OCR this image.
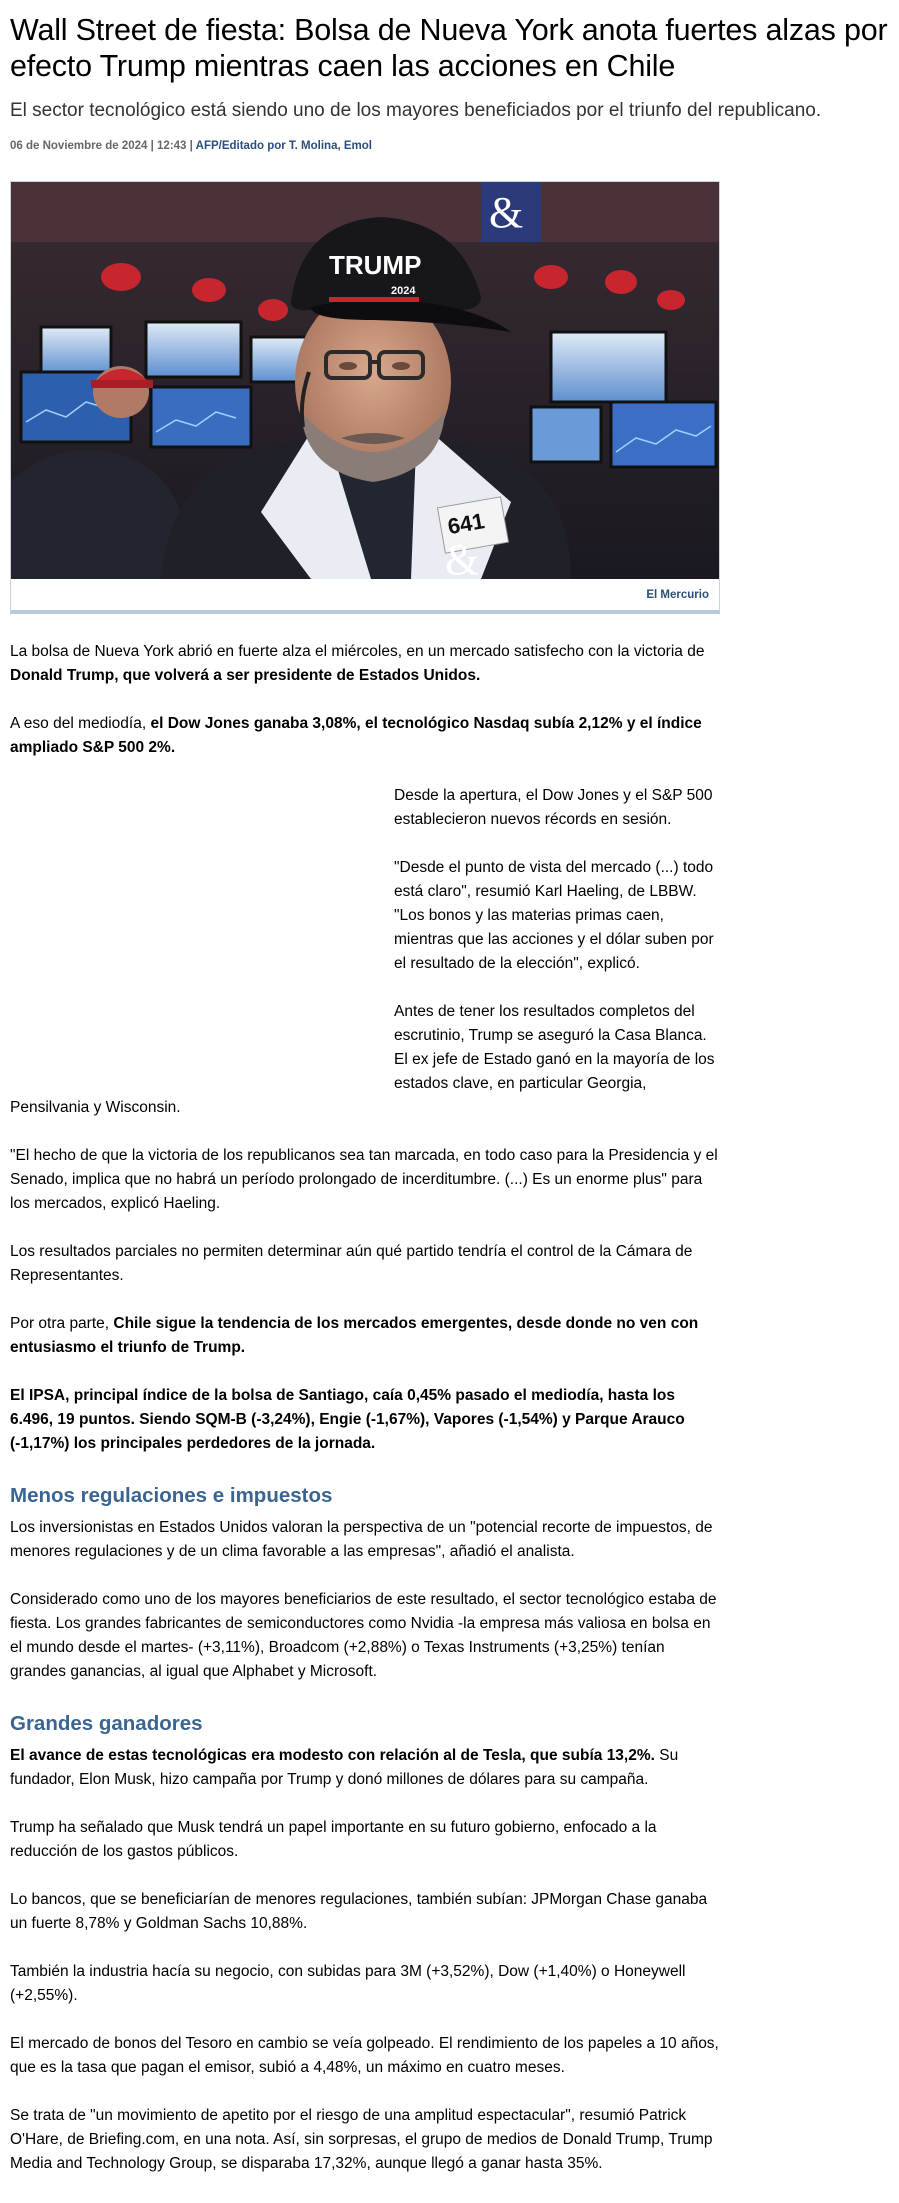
Wall Street de fiesta: Bolsa de Nueva York anota fuertes alzas por efecto Trump mientras caen las acciones en Chile

El sector tecnológico está siendo uno de los mayores beneficiados por el triunfo del republicano.

06 de Noviembre de 2024 | 12:43 | AFP/Editado por T. Molina, Emol
&
TRUMP
2024
641
&
El Mercurio

La bolsa de Nueva York abrió en fuerte alza el miércoles, en un mercado satisfecho con la victoria de Donald Trump, que volverá a ser presidente de Estados Unidos.

A eso del mediodía, el Dow Jones ganaba 3,08%, el tecnológico Nasdaq subía 2,12% y el índice ampliado S&P 500 2%.

Desde la apertura, el Dow Jones y el S&P 500 establecieron nuevos récords en sesión.

"Desde el punto de vista del mercado (...) todo está claro", resumió Karl Haeling, de LBBW. "Los bonos y las materias primas caen, mientras que las acciones y el dólar suben por el resultado de la elección", explicó.

Antes de tener los resultados completos del escrutinio, Trump se aseguró la Casa Blanca. El ex jefe de Estado ganó en la mayoría de los estados clave, en particular Georgia, Pensilvania y Wisconsin.

"El hecho de que la victoria de los republicanos sea tan marcada, en todo caso para la Presidencia y el Senado, implica que no habrá un período prolongado de incerditumbre. (...) Es un enorme plus" para los mercados, explicó Haeling.

Los resultados parciales no permiten determinar aún qué partido tendría el control de la Cámara de Representantes.

Por otra parte, Chile sigue la tendencia de los mercados emergentes, desde donde no ven con entusiasmo el triunfo de Trump.

El IPSA, principal índice de la bolsa de Santiago, caía 0,45% pasado el mediodía, hasta los 6.496, 19 puntos. Siendo SQM-B (-3,24%), Engie (-1,67%), Vapores (-1,54%) y Parque Arauco (-1,17%) los principales perdedores de la jornada.

Menos regulaciones e impuestos

Los inversionistas en Estados Unidos valoran la perspectiva de un "potencial recorte de impuestos, de menores regulaciones y de un clima favorable a las empresas", añadió el analista.

Considerado como uno de los mayores beneficiarios de este resultado, el sector tecnológico estaba de fiesta. Los grandes fabricantes de semiconductores como Nvidia -la empresa más valiosa en bolsa en el mundo desde el martes- (+3,11%), Broadcom (+2,88%) o Texas Instruments (+3,25%) tenían grandes ganancias, al igual que Alphabet y Microsoft.

Grandes ganadores

El avance de estas tecnológicas era modesto con relación al de Tesla, que subía 13,2%. Su fundador, Elon Musk, hizo campaña por Trump y donó millones de dólares para su campaña.

Trump ha señalado que Musk tendrá un papel importante en su futuro gobierno, enfocado a la reducción de los gastos públicos.

Lo bancos, que se beneficiarían de menores regulaciones, también subían: JPMorgan Chase ganaba un fuerte 8,78% y Goldman Sachs 10,88%.

También la industria hacía su negocio, con subidas para 3M (+3,52%), Dow (+1,40%) o Honeywell (+2,55%).

El mercado de bonos del Tesoro en cambio se veía golpeado. El rendimiento de los papeles a 10 años, que es la tasa que pagan el emisor, subió a 4,48%, un máximo en cuatro meses.

Se trata de "un movimiento de apetito por el riesgo de una amplitud espectacular", resumió Patrick O'Hare, de Briefing.com, en una nota. Así, sin sorpresas, el grupo de medios de Donald Trump, Trump Media and Technology Group, se disparaba 17,32%, aunque llegó a ganar hasta 35%.
